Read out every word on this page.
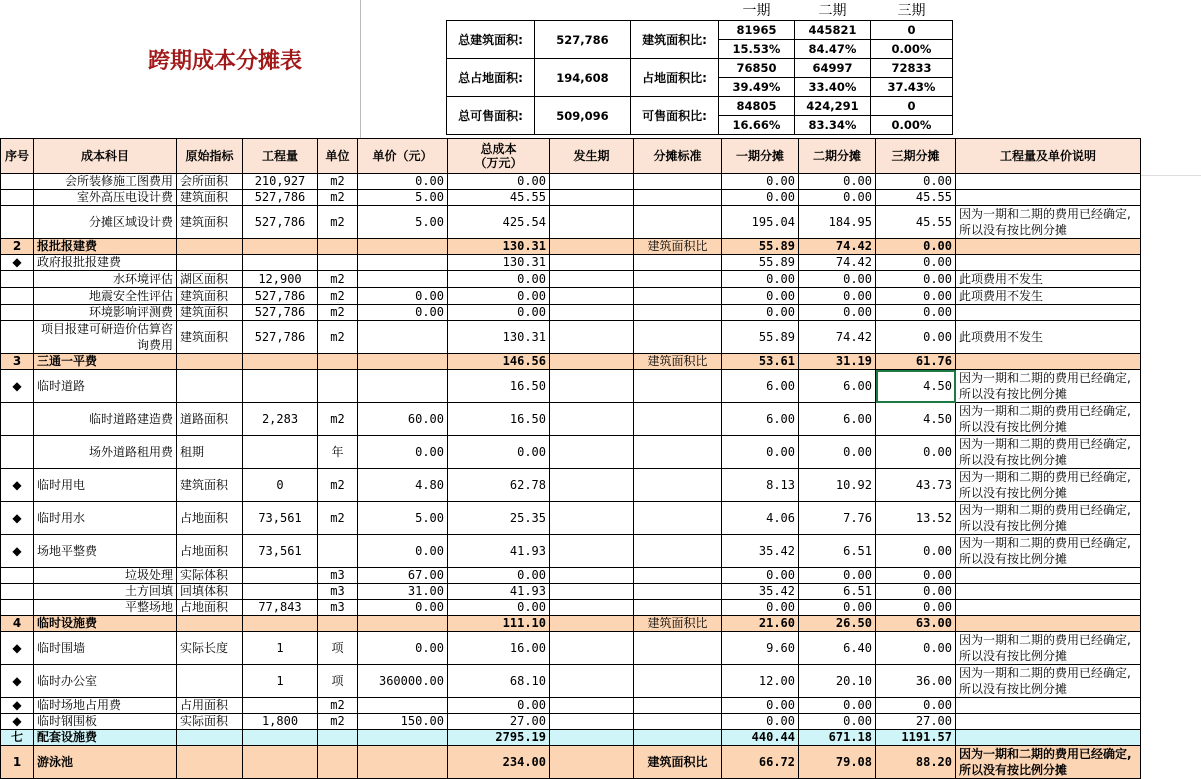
跨期成本分摊表
			一期	二期	三期
总建筑面积:	527,786	建筑面积比:	81965	445821	0
			15.53%	84.47%	0.00%
总占地面积:	194,608	占地面积比:	76850	64997	72833
			39.49%	33.40%	37.43%
总可售面积:	509,096	可售面积比:	84805	424,291	0
			16.66%	83.34%	0.00%
序号	成本科目	原始指标	工程量	单位	单价（元）	总成本
（万元）	发生期	分摊标准	一期分摊	二期分摊	三期分摊	工程量及单价说明
	会所装修施工图费用	会所面积	210,927	m2	0.00	0.00			0.00	0.00	0.00	
	室外高压电设计费	建筑面积	527,786	m2	5.00	45.55			0.00	0.00	45.55	
	分摊区域设计费	建筑面积	527,786	m2	5.00	425.54			195.04	184.95	45.55	因为一期和二期的费用已经确定,所以没有按比例分摊
2	报批报建费					130.31		建筑面积比	55.89	74.42	0.00	
◆	政府报批报建费					130.31			55.89	74.42	0.00	
	水环境评估	湖区面积	12,900	m2		0.00			0.00	0.00	0.00	此项费用不发生
	地震安全性评估	建筑面积	527,786	m2	0.00	0.00			0.00	0.00	0.00	此项费用不发生
	环境影响评测费	建筑面积	527,786	m2	0.00	0.00			0.00	0.00	0.00	
	项目报建可研造价估算咨询费用	建筑面积	527,786	m2		130.31			55.89	74.42	0.00	此项费用不发生
3	三通一平费					146.56		建筑面积比	53.61	31.19	61.76	
◆	临时道路					16.50			6.00	6.00	4.50	因为一期和二期的费用已经确定,所以没有按比例分摊
	临时道路建造费	道路面积	2,283	m2	60.00	16.50			6.00	6.00	4.50	因为一期和二期的费用已经确定,所以没有按比例分摊
	场外道路租用费	租期		年	0.00	0.00			0.00	0.00	0.00	因为一期和二期的费用已经确定,所以没有按比例分摊
◆	临时用电	建筑面积	0	m2	4.80	62.78			8.13	10.92	43.73	因为一期和二期的费用已经确定,所以没有按比例分摊
◆	临时用水	占地面积	73,561	m2	5.00	25.35			4.06	7.76	13.52	因为一期和二期的费用已经确定,所以没有按比例分摊
◆	场地平整费	占地面积	73,561		0.00	41.93			35.42	6.51	0.00	因为一期和二期的费用已经确定,所以没有按比例分摊
	垃圾处理	实际体积		m3	67.00	0.00			0.00	0.00	0.00	
	土方回填	回填体积		m3	31.00	41.93			35.42	6.51	0.00	
	平整场地	占地面积	77,843	m3	0.00	0.00			0.00	0.00	0.00	
4	临时设施费					111.10		建筑面积比	21.60	26.50	63.00	
◆	临时围墙	实际长度	1	项	0.00	16.00			9.60	6.40	0.00	因为一期和二期的费用已经确定,所以没有按比例分摊
◆	临时办公室		1	项	360000.00	68.10			12.00	20.10	36.00	因为一期和二期的费用已经确定,所以没有按比例分摊
◆	临时场地占用费	占用面积		m2		0.00			0.00	0.00	0.00	
◆	临时钢围板	实际面积	1,800	m2	150.00	27.00			0.00	0.00	27.00	
七	配套设施费					2795.19			440.44	671.18	1191.57	
1	游泳池					234.00		建筑面积比	66.72	79.08	88.20	因为一期和二期的费用已经确定,所以没有按比例分摊
